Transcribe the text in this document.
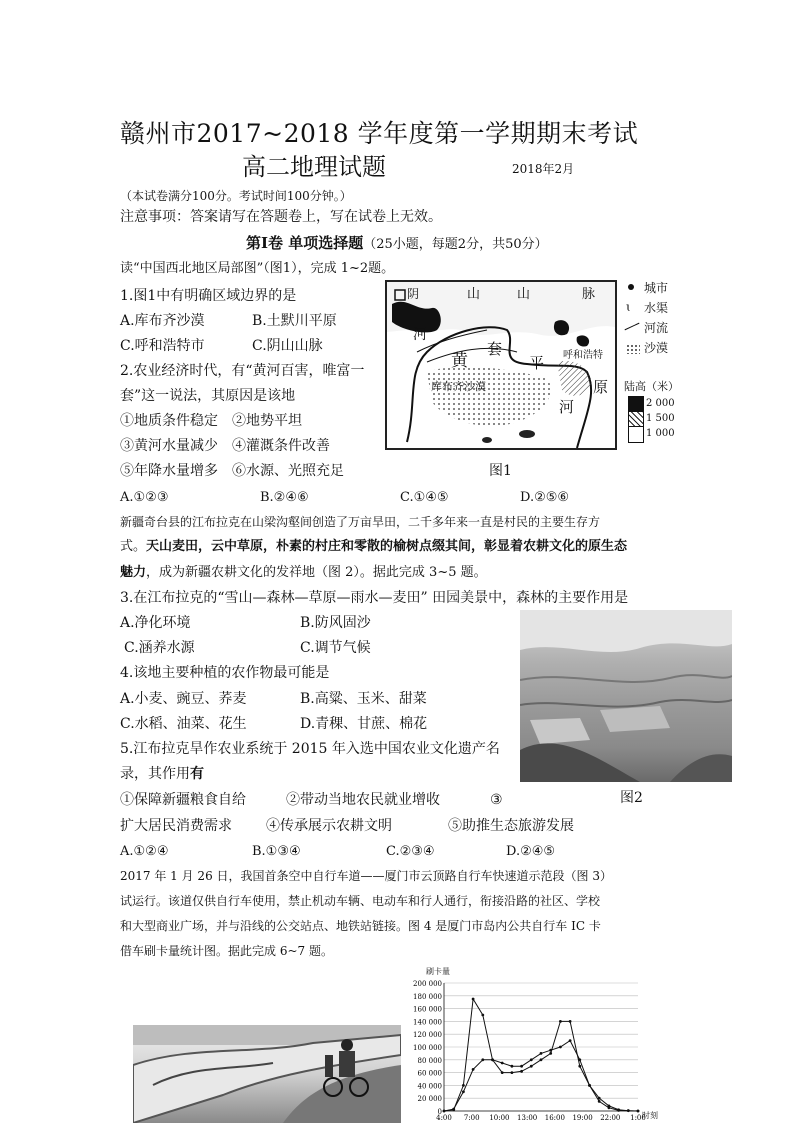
赣州市2017~2018 学年度第一学期期末考试
高二地理试题	2018年2月
（本试卷满分100分。考试时间100分钟。）
注意事项：答案请写在答题卷上，写在试卷上无效。
第Ⅰ卷 单项选择题（25小题，每题2分，共50分）
读“中国西北地区局部图”（图1），完成 1~2题。
1.图1中有明确区域边界的是
A.库布齐沙漠	B.土默川平原
C.呼和浩特市	C.阴山山脉
2.农业经济时代，有“黄河百害，唯富一
套”这一说法，其原因是该地
①地质条件稳定 ②地势平坦
③黄河水量减少 ④灌溉条件改善
⑤年降水量增多 ⑥水源、光照充足
A.①②③	B.②④⑥	C.①④⑤	D.②⑤⑥
阴	山	山	脉
河
黄
套
平 呼和浩特
原
库布齐沙漠
河
城市
ɩ 水渠
河流
沙漠
陆高（米）
2 000
1 500
1 000
图1
新疆奇台县的江布拉克在山梁沟壑间创造了万亩旱田，二千多年来一直是村民的主要生存方
式。天山麦田，云中草原，朴素的村庄和零散的榆树点缀其间，彰显着农耕文化的原生态
魅力，成为新疆农耕文化的发祥地（图 2）。据此完成 3~5 题。
3.在江布拉克的“雪山—森林—草原—雨水—麦田” 田园美景中，森林的主要作用是
A.净化环境	B.防风固沙
C.涵养水源	C.调节气候
4.该地主要种植的农作物最可能是
A.小麦、豌豆、荞麦	B.高粱、玉米、甜菜
C.水稻、油菜、花生	D.青稞、甘蔗、棉花
5.江布拉克旱作农业系统于 2015 年入选中国农业文化遗产名
录，其作用有
①保障新疆粮食自给	②带动当地农民就业增收	③
扩大居民消费需求 ④传承展示农耕文明	⑤助推生态旅游发展
A.①②④	B.①③④	C.②③④	D.②④⑤
图2
2017 年 1 月 26 日，我国首条空中自行车道——厦门市云顶路自行车快速道示范段（图 3）
试运行。该道仅供自行车使用，禁止机动车辆、电动车和行人通行，衔接沿路的社区、学校
和大型商业广场，并与沿线的公交站点、地铁站链接。图 4 是厦门市岛内公共自行车 IC 卡
借车刷卡量统计图。据此完成 6~7 题。
200 000
180 000
160 000
140 000
120 000
100 000
80 000
60 000
40 000
20 000
0
4:00 7:00 10:00 13:00 16:00 19:00 22:00 1:00
刷卡量
时刻
